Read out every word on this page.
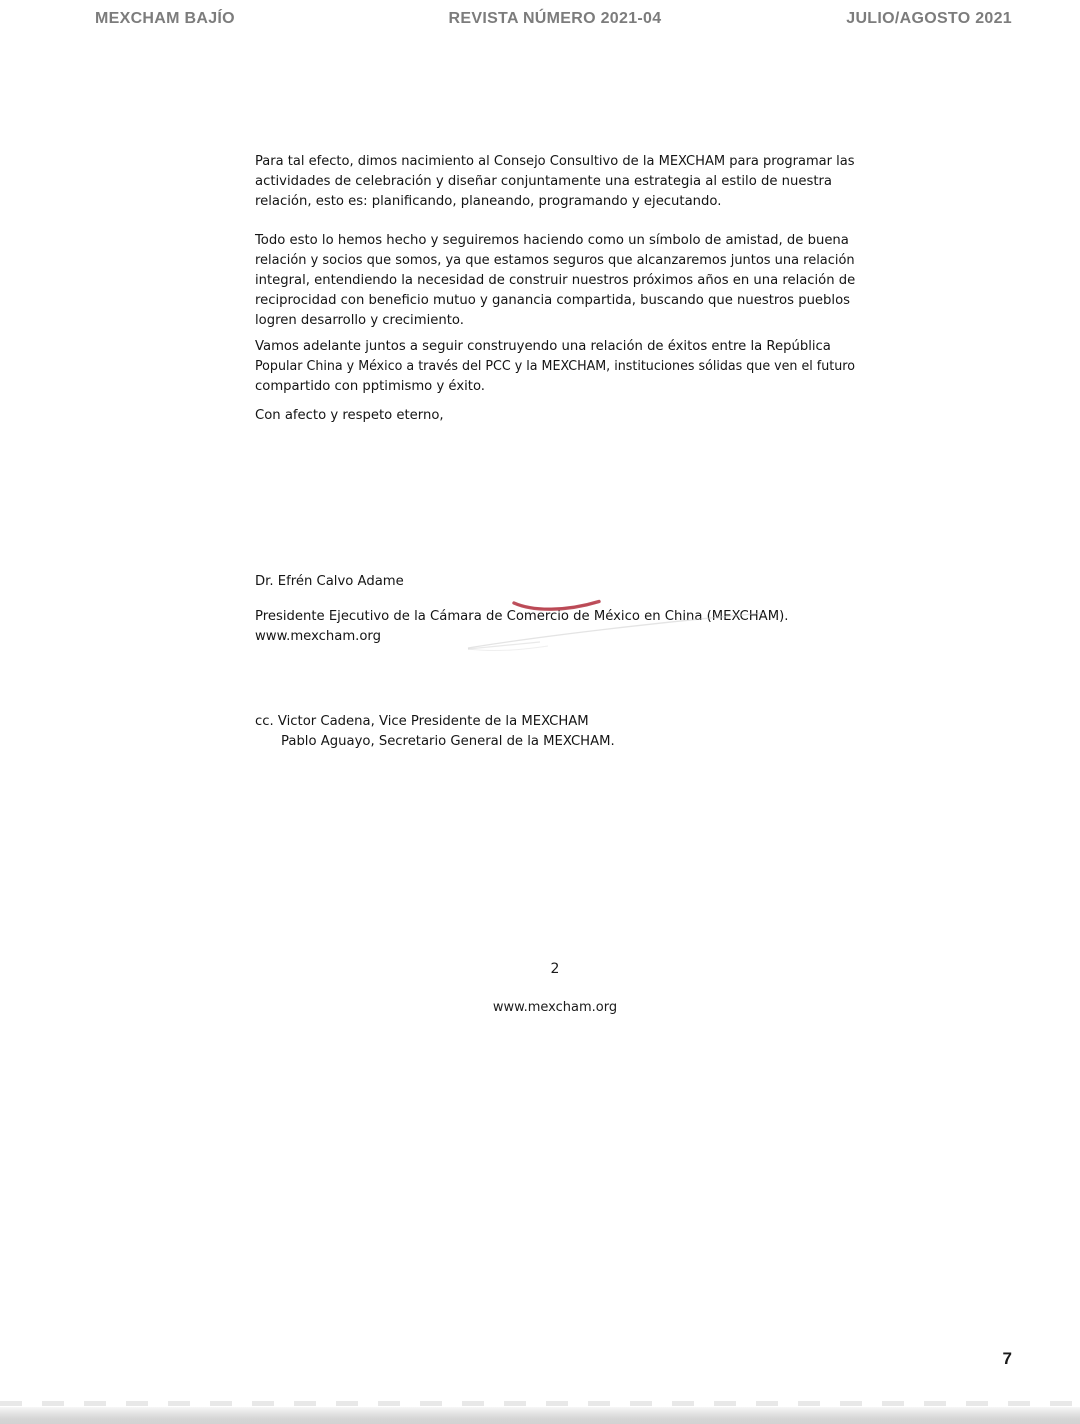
MEXCHAM BAJÍO	REVISTA NÚMERO 2021-04	JULIO/AGOSTO 2021
Para tal efecto, dimos nacimiento al Consejo Consultivo de la MEXCHAM para programar las
actividades de celebración y diseñar conjuntamente una estrategia al estilo de nuestra
relación, esto es: planificando, planeando, programando y ejecutando.
Todo esto lo hemos hecho y seguiremos haciendo como un símbolo de amistad, de buena
relación y socios que somos, ya que estamos seguros que alcanzaremos juntos una relación
integral, entendiendo la necesidad de construir nuestros próximos años en una relación de
reciprocidad con beneficio mutuo y ganancia compartida, buscando que nuestros pueblos
logren desarrollo y crecimiento.
Vamos adelante juntos a seguir construyendo una relación de éxitos entre la República
Popular China y México a través del PCC y la MEXCHAM, instituciones sólidas que ven el futuro
compartido con pptimismo y éxito.
Con afecto y respeto eterno,
Dr. Efrén Calvo Adame
Presidente Ejecutivo de la Cámara de Comercio de México en China (MEXCHAM).
www.mexcham.org
cc. Victor Cadena, Vice Presidente de la MEXCHAM
Pablo Aguayo, Secretario General de la MEXCHAM.
2
www.mexcham.org
7
